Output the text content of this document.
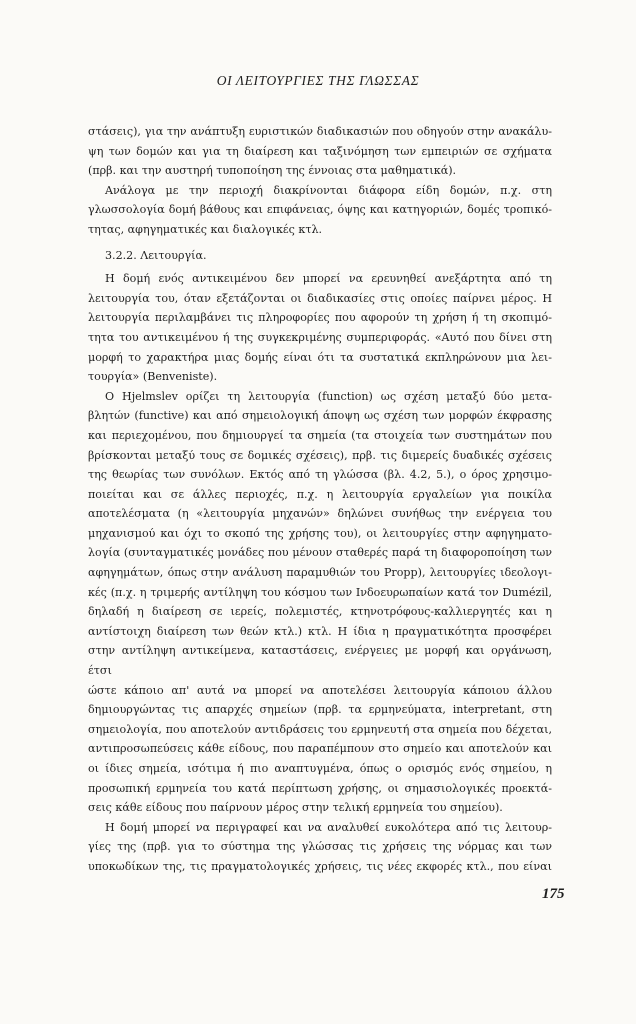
ΟΙ ΛΕΙΤΟΥΡΓΙΕΣ ΤΗΣ ΓΛΩΣΣΑΣ

στάσεις), για την ανάπτυξη ευριστικών διαδικασιών που οδηγούν στην ανακάλυ-

ψη των δομών και για τη διαίρεση και ταξινόμηση των εμπειριών σε σχήματα

(πρβ. και την αυστηρή τυποποίηση της έννοιας στα μαθηματικά).

Ανάλογα με την περιοχή διακρίνονται διάφορα είδη δομών, π.χ. στη

γλωσσολογία δομή βάθους και επιφάνειας, όψης και κατηγοριών, δομές τροπικό-

τητας, αφηγηματικές και διαλογικές κτλ.

3.2.2. Λειτουργία.

Η δομή ενός αντικειμένου δεν μπορεί να ερευνηθεί ανεξάρτητα από τη

λειτουργία του, όταν εξετάζονται οι διαδικασίες στις οποίες παίρνει μέρος. Η

λειτουργία περιλαμβάνει τις πληροφορίες που αφορούν τη χρήση ή τη σκοπιμό-

τητα του αντικειμένου ή της συγκεκριμένης συμπεριφοράς. «Αυτό που δίνει στη

μορφή το χαρακτήρα μιας δομής είναι ότι τα συστατικά εκπληρώνουν μια λει-

τουργία» (Benveniste).

Ο Hjelmslev ορίζει τη λειτουργία (function) ως σχέση μεταξύ δύο μετα-

βλητών (functive) και από σημειολογική άποψη ως σχέση των μορφών έκφρασης

και περιεχομένου, που δημιουργεί τα σημεία (τα στοιχεία των συστημάτων που

βρίσκονται μεταξύ τους σε δομικές σχέσεις), πρβ. τις διμερείς δυαδικές σχέσεις

της θεωρίας των συνόλων. Εκτός από τη γλώσσα (βλ. 4.2, 5.), ο όρος χρησιμο-

ποιείται και σε άλλες περιοχές, π.χ. η λειτουργία εργαλείων για ποικίλα

αποτελέσματα (η «λειτουργία μηχανών» δηλώνει συνήθως την ενέργεια του

μηχανισμού και όχι το σκοπό της χρήσης του), οι λειτουργίες στην αφηγηματο-

λογία (συνταγματικές μονάδες που μένουν σταθερές παρά τη διαφοροποίηση των

αφηγημάτων, όπως στην ανάλυση παραμυθιών του Propp), λειτουργίες ιδεολογι-

κές (π.χ. η τριμερής αντίληψη του κόσμου των Ινδοευρωπαίων κατά τον Dumézil,

δηλαδή η διαίρεση σε ιερείς, πολεμιστές, κτηνοτρόφους-καλλιεργητές και η

αντίστοιχη διαίρεση των θεών κτλ.) κτλ. Η ίδια η πραγματικότητα προσφέρει

στην αντίληψη αντικείμενα, καταστάσεις, ενέργειες με μορφή και οργάνωση, έτσι

ώστε κάποιο απ' αυτά να μπορεί να αποτελέσει λειτουργία κάποιου άλλου

δημιουργώντας τις απαρχές σημείων (πρβ. τα ερμηνεύματα, interpretant, στη

σημειολογία, που αποτελούν αντιδράσεις του ερμηνευτή στα σημεία που δέχεται,

αντιπροσωπεύσεις κάθε είδους, που παραπέμπουν στο σημείο και αποτελούν και

οι ίδιες σημεία, ισότιμα ή πιο αναπτυγμένα, όπως ο ορισμός ενός σημείου, η

προσωπική ερμηνεία του κατά περίπτωση χρήσης, οι σημασιολογικές προεκτά-

σεις κάθε είδους που παίρνουν μέρος στην τελική ερμηνεία του σημείου).

Η δομή μπορεί να περιγραφεί και να αναλυθεί ευκολότερα από τις λειτουρ-

γίες της (πρβ. για το σύστημα της γλώσσας τις χρήσεις της νόρμας και των

υποκωδίκων της, τις πραγματολογικές χρήσεις, τις νέες εκφορές κτλ., που είναι

175
